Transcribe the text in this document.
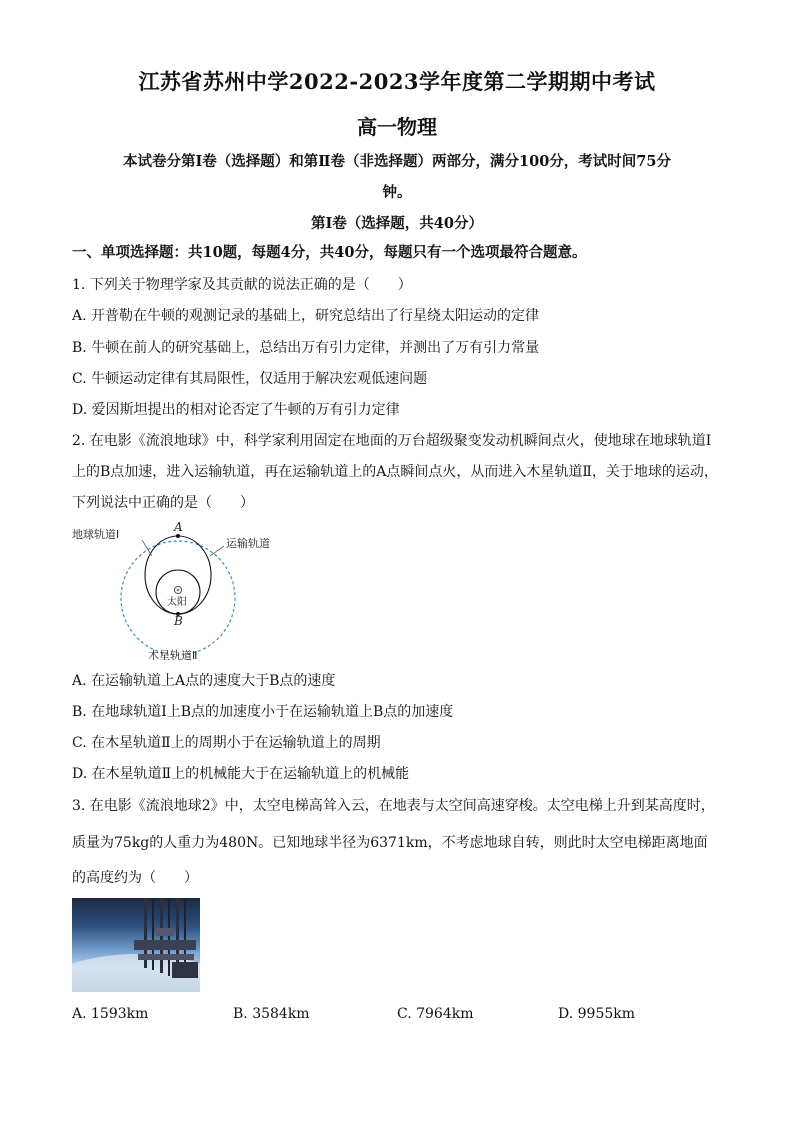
江苏省苏州中学2022-2023学年度第二学期期中考试
高一物理
本试卷分第Ⅰ卷（选择题）和第Ⅱ卷（非选择题）两部分，满分100分，考试时间75分
钟。
第Ⅰ卷（选择题，共40分）
一、单项选择题：共10题，每题4分，共40分，每题只有一个选项最符合题意。
1. 下列关于物理学家及其贡献的说法正确的是（　　）
A. 开普勒在牛顿的观测记录的基础上，研究总结出了行星绕太阳运动的定律
B. 牛顿在前人的研究基础上，总结出万有引力定律，并测出了万有引力常量
C. 牛顿运动定律有其局限性，仅适用于解决宏观低速问题
D. 爱因斯坦提出的相对论否定了牛顿的万有引力定律
2. 在电影《流浪地球》中，科学家利用固定在地面的万台超级聚变发动机瞬间点火，使地球在地球轨道Ⅰ
上的B点加速，进入运输轨道，再在运输轨道上的A点瞬间点火，从而进入木星轨道Ⅱ，关于地球的运动，
下列说法中正确的是（　　）
地球轨道Ⅰ
运输轨道
太阳
木星轨道Ⅱ
A
B
A. 在运输轨道上A点的速度大于B点的速度
B. 在地球轨道Ⅰ上B点的加速度小于在运输轨道上B点的加速度
C. 在木星轨道Ⅱ上的周期小于在运输轨道上的周期
D. 在木星轨道Ⅱ上的机械能大于在运输轨道上的机械能
3. 在电影《流浪地球2》中，太空电梯高耸入云，在地表与太空间高速穿梭。太空电梯上升到某高度时，
质量为75kg的人重力为480N。已知地球半径为6371km，不考虑地球自转，则此时太空电梯距离地面
的高度约为（　　）
A. 1593km	B. 3584km	C. 7964km	D. 9955km
